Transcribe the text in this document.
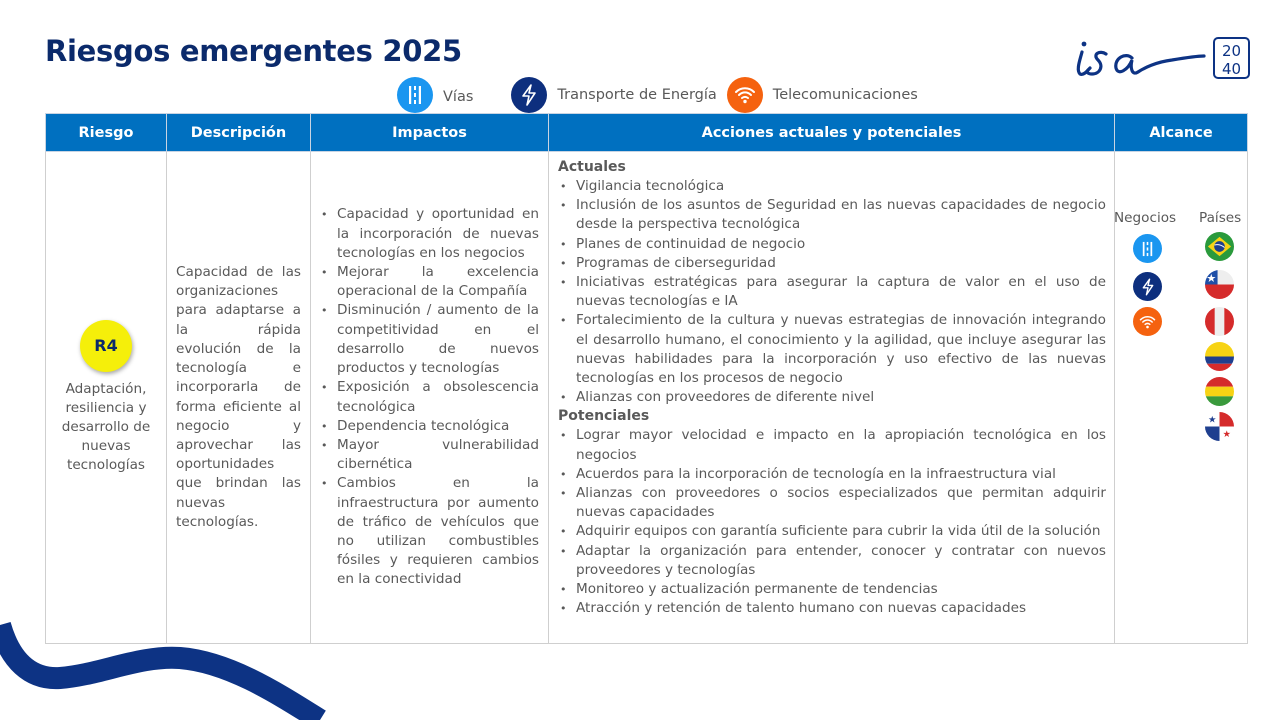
Riesgos emergentes 2025	20
40
Vías	Transporte de Energía	Telecomunicaciones
Riesgo	Descripción	Impactos	Acciones actuales y potenciales	Alcance

R4
Adaptación, resiliencia y desarrollo de nuevas tecnologías

Capacidad de las organizaciones para adaptarse a la rápida evolución de la tecnología e incorporarla de forma eficiente al negocio y aprovechar las oportunidades que brindan las nuevas tecnologías.

• Capacidad y oportunidad en la incorporación de nuevas tecnologías en los negocios
• Mejorar la excelencia operacional de la Compañía
• Disminución / aumento de la competitividad en el desarrollo de nuevos productos y tecnologías
• Exposición a obsolescencia tecnológica
• Dependencia tecnológica
• Mayor vulnerabilidad cibernética
• Cambios en la infraestructura por aumento de tráfico de vehículos que no utilizan combustibles fósiles y requieren cambios en la conectividad

Actuales
• Vigilancia tecnológica
• Inclusión de los asuntos de Seguridad en las nuevas capacidades de negocio desde la perspectiva tecnológica
• Planes de continuidad de negocio
• Programas de ciberseguridad
• Iniciativas estratégicas para asegurar la captura de valor en el uso de nuevas tecnologías e IA
• Fortalecimiento de la cultura y nuevas estrategias de innovación integrando el desarrollo humano, el conocimiento y la agilidad, que incluye asegurar las nuevas habilidades para la incorporación y uso efectivo de las nuevas tecnologías en los procesos de negocio
• Alianzas con proveedores de diferente nivel
Potenciales
• Lograr mayor velocidad e impacto en la apropiación tecnológica en los negocios
• Acuerdos para la incorporación de tecnología en la infraestructura vial
• Alianzas con proveedores o socios especializados que permitan adquirir nuevas capacidades
• Adquirir equipos con garantía suficiente para cubrir la vida útil de la solución
• Adaptar la organización para entender, conocer y contratar con nuevos proveedores y tecnologías
• Monitoreo y actualización permanente de tendencias
• Atracción y retención de talento humano con nuevas capacidades

Negocios Países
